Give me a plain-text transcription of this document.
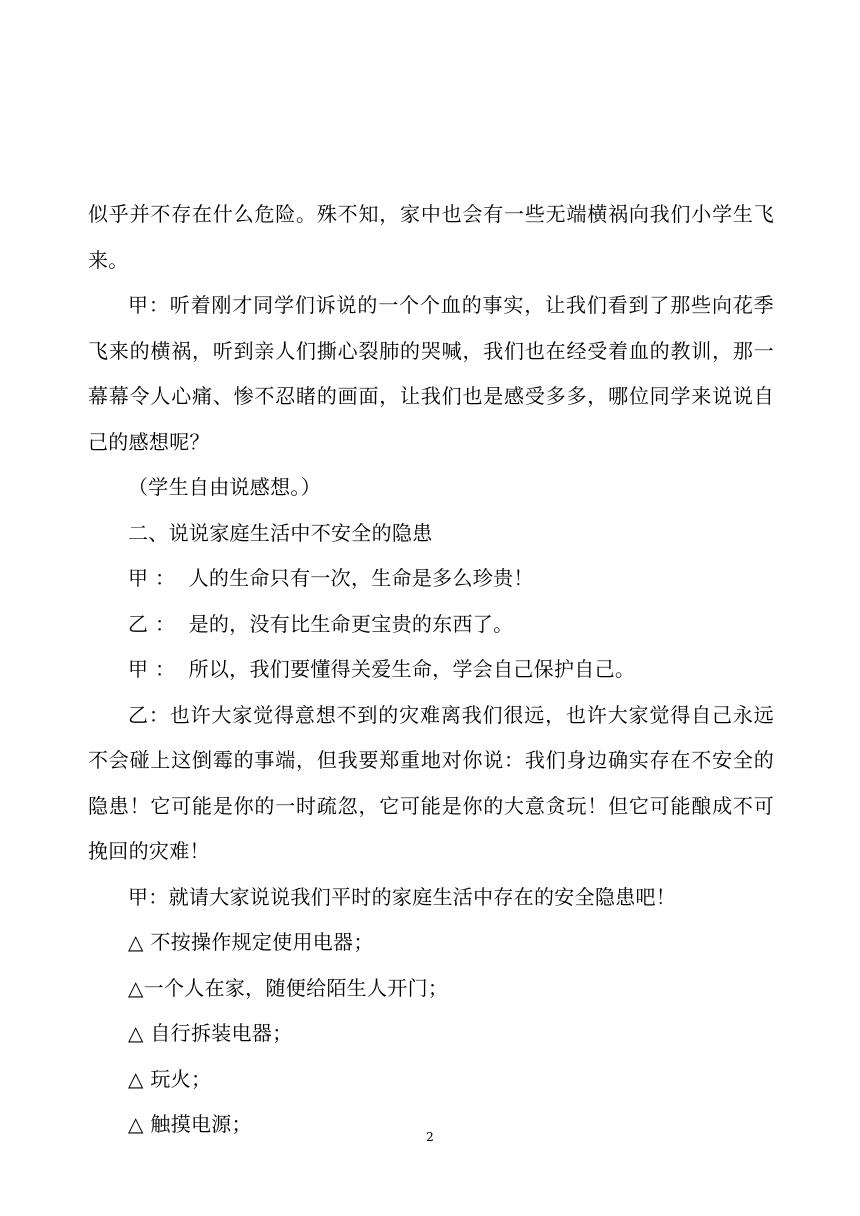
似乎并不存在什么危险。殊不知，家中也会有一些无端横祸向我们小学生飞来。

甲：听着刚才同学们诉说的一个个血的事实，让我们看到了那些向花季飞来的横祸，听到亲人们撕心裂肺的哭喊，我们也在经受着血的教训，那一幕幕令人心痛、惨不忍睹的画面，让我们也是感受多多，哪位同学来说说自己的感想呢？

（学生自由说感想。）

二、说说家庭生活中不安全的隐患

甲 ：  人的生命只有一次，生命是多么珍贵！

乙 ：  是的，没有比生命更宝贵的东西了。

甲 ：  所以，我们要懂得关爱生命，学会自己保护自己。

乙：也许大家觉得意想不到的灾难离我们很远，也许大家觉得自己永远不会碰上这倒霉的事端，但我要郑重地对你说：我们身边确实存在不安全的隐患！它可能是你的一时疏忽，它可能是你的大意贪玩！但它可能酿成不可挽回的灾难！

甲：就请大家说说我们平时的家庭生活中存在的安全隐患吧！

△ 不按操作规定使用电器；

△一个人在家，随便给陌生人开门；

△ 自行拆装电器；

△ 玩火；

△ 触摸电源；

2
